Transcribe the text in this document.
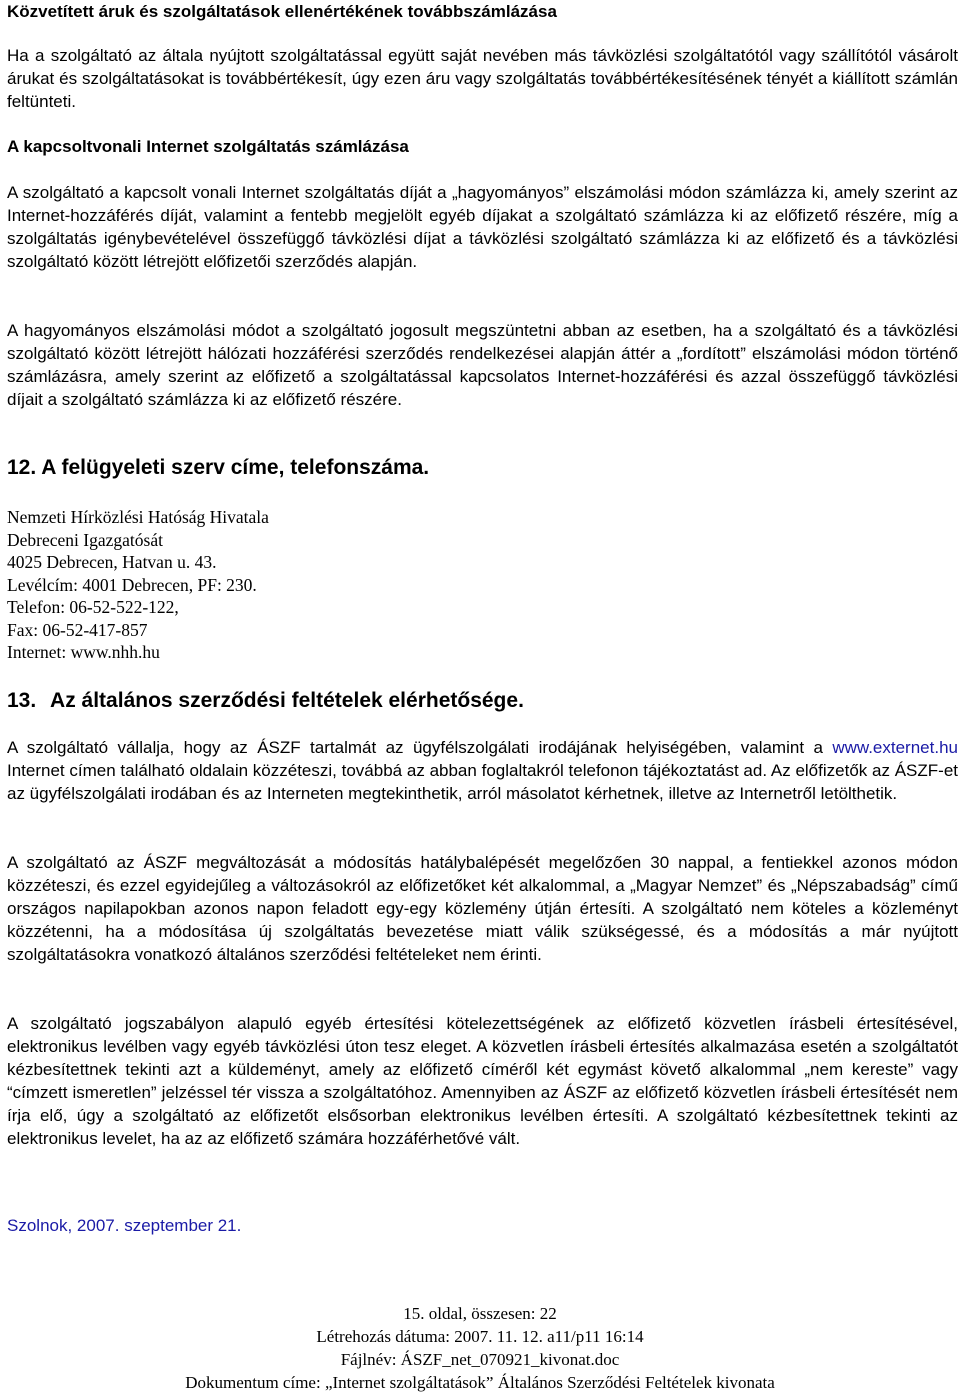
Közvetített áruk és szolgáltatások ellenértékének továbbszámlázása

Ha a szolgáltató az általa nyújtott szolgáltatással együtt saját nevében más távközlési szolgáltatótól vagy szállítótól vásárolt árukat és szolgáltatásokat is továbbértékesít, úgy ezen áru vagy szolgáltatás továbbértékesítésének tényét a kiállított számlán feltünteti.

A kapcsoltvonali Internet szolgáltatás számlázása

A szolgáltató a kapcsolt vonali Internet szolgáltatás díját a „hagyományos” elszámolási módon számlázza ki, amely szerint az Internet-hozzáférés díját, valamint a fentebb megjelölt egyéb díjakat a szolgáltató számlázza ki az előfizető részére, míg a szolgáltatás igénybevételével összefüggő távközlési díjat a távközlési szolgáltató számlázza ki az előfizető és a távközlési szolgáltató között létrejött előfizetői szerződés alapján.

A hagyományos elszámolási módot a szolgáltató jogosult megszüntetni abban az esetben, ha a szolgáltató és a távközlési szolgáltató között létrejött hálózati hozzáférési szerződés rendelkezései alapján áttér a „fordított” elszámolási módon történő számlázásra, amely szerint az előfizető a szolgáltatással kapcsolatos Internet-hozzáférési és azzal összefüggő távközlési díjait a szolgáltató számlázza ki az előfizető részére.

12. A felügyeleti szerv címe, telefonszáma.
Nemzeti Hírközlési Hatóság Hivatala
Debreceni Igazgatósát
4025 Debrecen, Hatvan u. 43.
Levélcím: 4001 Debrecen, PF: 230.
Telefon: 06-52-522-122,
Fax: 06-52-417-857
Internet: www.nhh.hu
13. Az általános szerződési feltételek elérhetősége.

A szolgáltató vállalja, hogy az ÁSZF tartalmát az ügyfélszolgálati irodájának helyiségében, valamint a www.externet.hu Internet címen található oldalain közzéteszi, továbbá az abban foglaltakról telefonon tájékoztatást ad. Az előfizetők az ÁSZF-et az ügyfélszolgálati irodában és az Interneten megtekinthetik, arról másolatot kérhetnek, illetve az Internetről letölthetik.

A szolgáltató az ÁSZF megváltozását a módosítás hatálybalépését megelőzően 30 nappal, a fentiekkel azonos módon közzéteszi, és ezzel egyidejűleg a változásokról az előfizetőket két alkalommal, a „Magyar Nemzet” és „Népszabadság” című országos napilapokban azonos napon feladott egy-egy közlemény útján értesíti. A szolgáltató nem köteles a közleményt közzétenni, ha a módosítása új szolgáltatás bevezetése miatt válik szükségessé, és a módosítás a már nyújtott szolgáltatásokra vonatkozó általános szerződési feltételeket nem érinti.

A szolgáltató jogszabályon alapuló egyéb értesítési kötelezettségének az előfizető közvetlen írásbeli értesítésével, elektronikus levélben vagy egyéb távközlési úton tesz eleget. A közvetlen írásbeli értesítés alkalmazása esetén a szolgáltatót kézbesítettnek tekinti azt a küldeményt, amely az előfizető címéről két egymást követő alkalommal „nem kereste” vagy “címzett ismeretlen” jelzéssel tér vissza a szolgáltatóhoz. Amennyiben az ÁSZF az előfizető közvetlen írásbeli értesítését nem írja elő, úgy a szolgáltató az előfizetőt elsősorban elektronikus levélben értesíti. A szolgáltató kézbesítettnek tekinti az elektronikus levelet, ha az az előfizető számára hozzáférhetővé vált.

Szolnok, 2007. szeptember 21.
15. oldal, összesen: 22
Létrehozás dátuma: 2007. 11. 12. a11/p11 16:14
Fájlnév: ÁSZF_net_070921_kivonat.doc
Dokumentum címe: „Internet szolgáltatások” Általános Szerződési Feltételek kivonata
